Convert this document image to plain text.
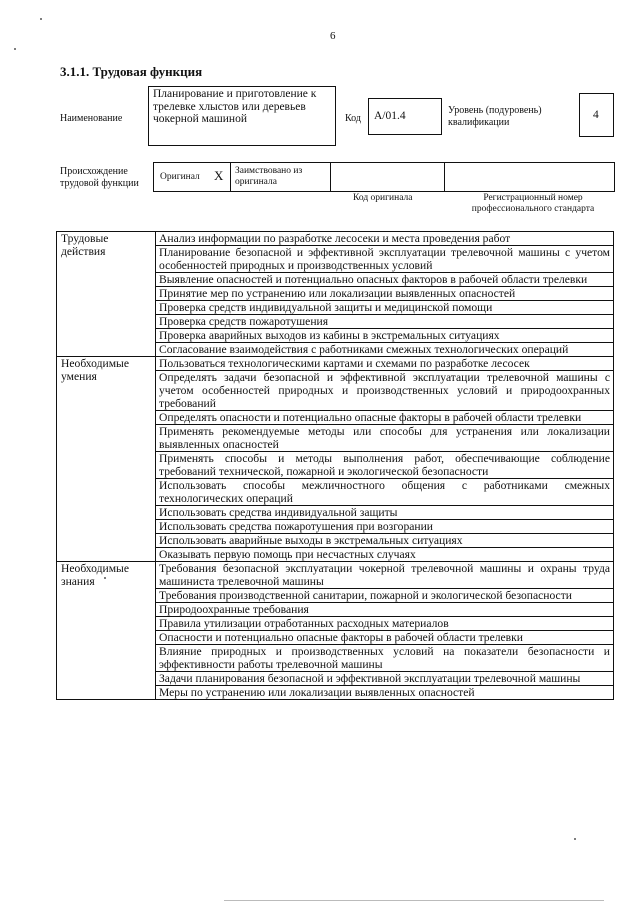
6
3.1.1. Трудовая функция
Наименование
Планирование и приготовление к трелевке хлыстов или деревьев чокерной машиной	Код	A/01.4	Уровень (подуровень) квалификации
4
Происхождение трудовой функции
Оригинал X Заимствовано из оригинала
Код оригинала	Регистрационный номер профессионального стандарта
Трудовые действия	Анализ информации по разработке лесосеки и места проведения работ
	Планирование безопасной и эффективной эксплуатации трелевочной машины с учетом особенностей природных и производственных условий
	Выявление опасностей и потенциально опасных факторов в рабочей области трелевки
	Принятие мер по устранению или локализации выявленных опасностей
	Проверка средств индивидуальной защиты и медицинской помощи
	Проверка средств пожаротушения
	Проверка аварийных выходов из кабины в экстремальных ситуациях
	Согласование взаимодействия с работниками смежных технологических операций
Необходимые умения	Пользоваться технологическими картами и схемами по разработке лесосек
	Определять задачи безопасной и эффективной эксплуатации трелевочной машины с учетом особенностей природных и производственных условий и природоохранных требований
	Определять опасности и потенциально опасные факторы в рабочей области трелевки
	Применять рекомендуемые методы или способы для устранения или локализации выявленных опасностей
	Применять способы и методы выполнения работ, обеспечивающие соблюдение требований технической, пожарной и экологической безопасности
	Использовать способы межличностного общения с работниками смежных технологических операций
	Использовать средства индивидуальной защиты
	Использовать средства пожаротушения при возгорании
	Использовать аварийные выходы в экстремальных ситуациях
	Оказывать первую помощь при несчастных случаях
Необходимые знания	Требования безопасной эксплуатации чокерной трелевочной машины и охраны труда машиниста трелевочной машины
	Требования производственной санитарии, пожарной и экологической безопасности
	Природоохранные требования
	Правила утилизации отработанных расходных материалов
	Опасности и потенциально опасные факторы в рабочей области трелевки
	Влияние природных и производственных условий на показатели безопасности и эффективности работы трелевочной машины
	Задачи планирования безопасной и эффективной эксплуатации трелевочной машины
	Меры по устранению или локализации выявленных опасностей
